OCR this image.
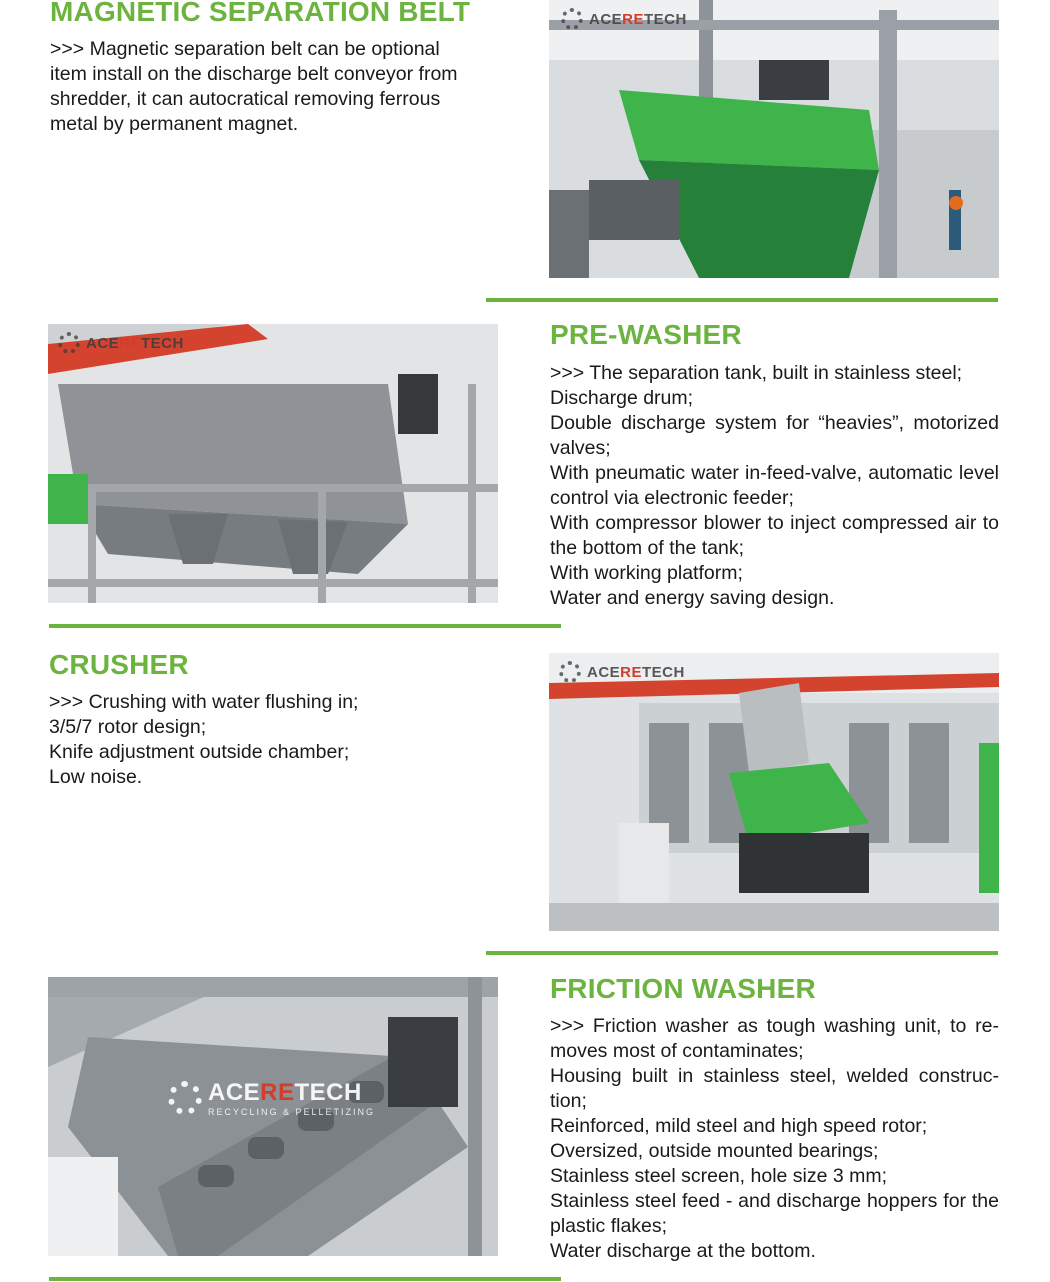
MAGNETIC SEPARATION BELT

>>> Magnetic separation belt can be optional

item install on the discharge belt conveyor from

shredder, it can autocratical removing ferrous

metal by permanent magnet.

ACERETECH
ACERETECH	PRE-WASHER

>>> The separation tank, built in stainless steel;

Discharge drum;

Double discharge system for “heavies”, motorized valves;

With pneumatic water in-feed-valve, automatic level control via electronic feeder;

With compressor blower to inject compressed air to the bottom of the tank;

With working platform;

Water and energy saving design.

CRUSHER

>>> Crushing with water flushing in;

3/5/7 rotor design;

Knife adjustment outside chamber;

Low noise.

ACERETECH
ACERETECH
RECYCLING & PELLETIZING
FRICTION WASHER

>>> Friction washer as tough washing unit, to re-moves most of contaminates;

Housing built in stainless steel, welded construc-tion;

Reinforced, mild steel and high speed rotor;

Oversized, outside mounted bearings;

Stainless steel screen, hole size 3 mm;

Stainless steel feed - and discharge hoppers for the plastic flakes;

Water discharge at the bottom.
